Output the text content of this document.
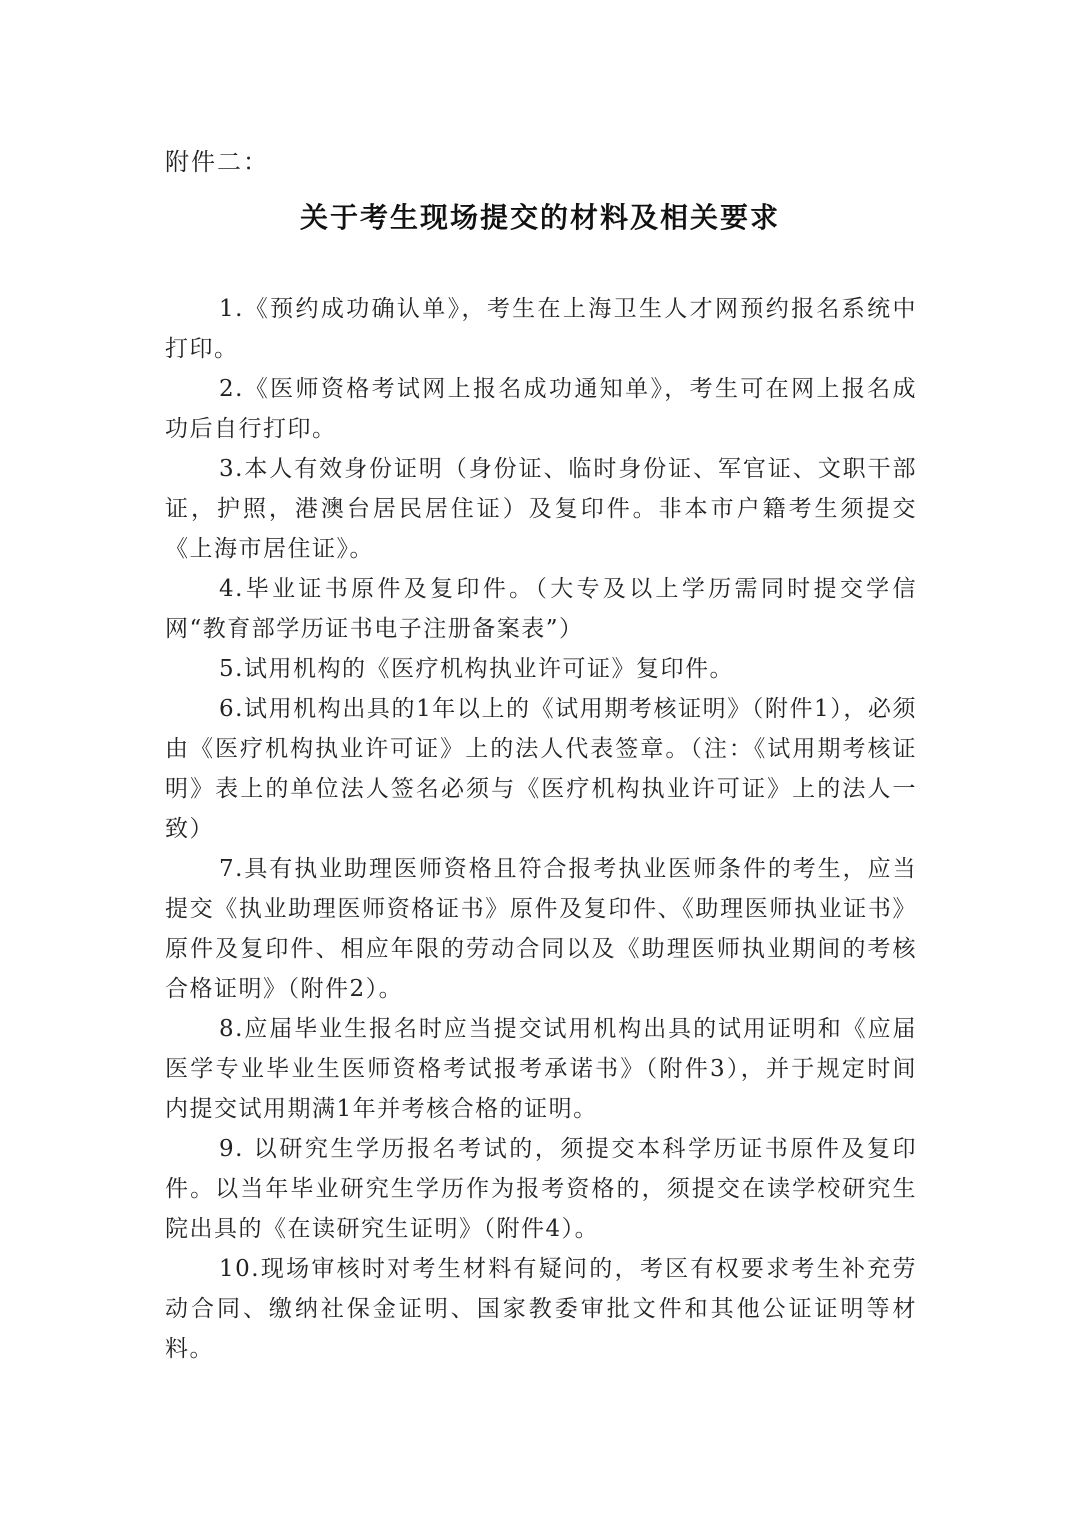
附件二：
关于考生现场提交的材料及相关要求

1.《预约成功确认单》，考生在上海卫生人才网预约报名系统中打印。

2.《医师资格考试网上报名成功通知单》，考生可在网上报名成功后自行打印。

3.本人有效身份证明（身份证、临时身份证、军官证、文职干部证，护照，港澳台居民居住证）及复印件。非本市户籍考生须提交《上海市居住证》。

4.毕业证书原件及复印件。（大专及以上学历需同时提交学信网“教育部学历证书电子注册备案表”）

5.试用机构的《医疗机构执业许可证》复印件。

6.试用机构出具的1年以上的《试用期考核证明》（附件1），必须由《医疗机构执业许可证》上的法人代表签章。（注：《试用期考核证明》表上的单位法人签名必须与《医疗机构执业许可证》上的法人一致）

7.具有执业助理医师资格且符合报考执业医师条件的考生，应当提交《执业助理医师资格证书》原件及复印件、《助理医师执业证书》原件及复印件、相应年限的劳动合同以及《助理医师执业期间的考核合格证明》（附件2）。

8.应届毕业生报名时应当提交试用机构出具的试用证明和《应届医学专业毕业生医师资格考试报考承诺书》（附件3），并于规定时间内提交试用期满1年并考核合格的证明。

9. 以研究生学历报名考试的，须提交本科学历证书原件及复印件。以当年毕业研究生学历作为报考资格的，须提交在读学校研究生院出具的《在读研究生证明》（附件4）。

10.现场审核时对考生材料有疑问的，考区有权要求考生补充劳动合同、缴纳社保金证明、国家教委审批文件和其他公证证明等材料。
